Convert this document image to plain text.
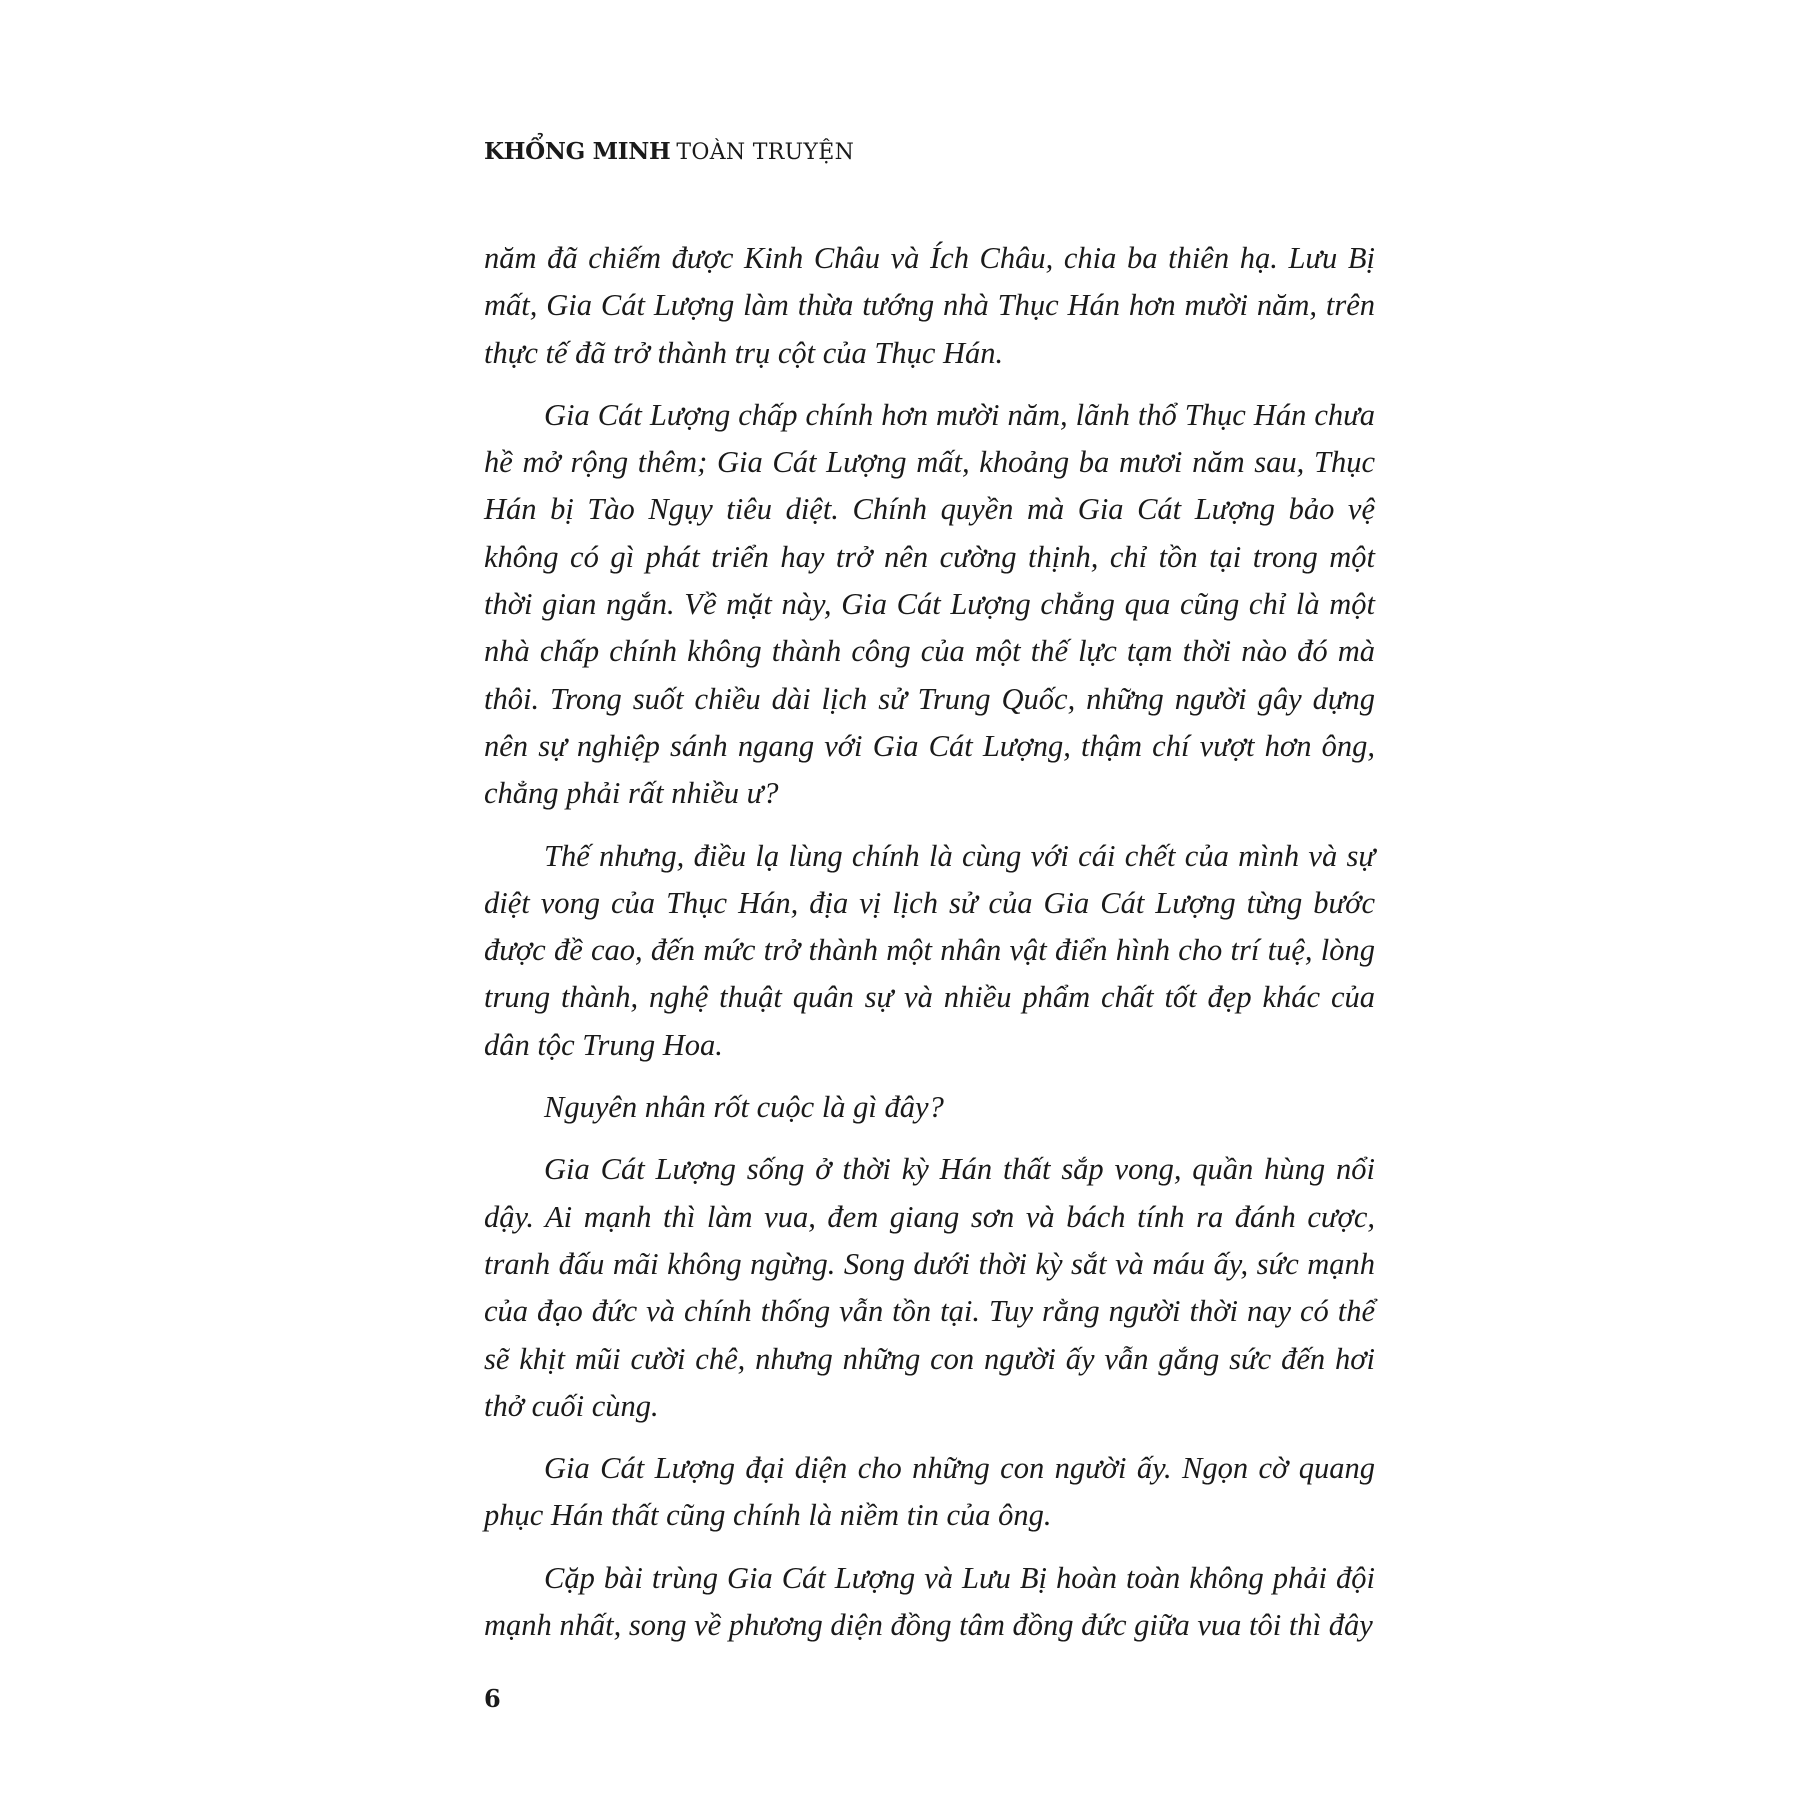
KHỔNG MINH TOÀN TRUYỆN

năm đã chiếm được Kinh Châu và Ích Châu, chia ba thiên hạ. Lưu Bị mất, Gia Cát Lượng làm thừa tướng nhà Thục Hán hơn mười năm, trên thực tế đã trở thành trụ cột của Thục Hán.

Gia Cát Lượng chấp chính hơn mười năm, lãnh thổ Thục Hán chưa hề mở rộng thêm; Gia Cát Lượng mất, khoảng ba mươi năm sau, Thục Hán bị Tào Ngụy tiêu diệt. Chính quyền mà Gia Cát Lượng bảo vệ không có gì phát triển hay trở nên cường thịnh, chỉ tồn tại trong một thời gian ngắn. Về mặt này, Gia Cát Lượng chẳng qua cũng chỉ là một nhà chấp chính không thành công của một thế lực tạm thời nào đó mà thôi. Trong suốt chiều dài lịch sử Trung Quốc, những người gây dựng nên sự nghiệp sánh ngang với Gia Cát Lượng, thậm chí vượt hơn ông, chẳng phải rất nhiều ư?

Thế nhưng, điều lạ lùng chính là cùng với cái chết của mình và sự diệt vong của Thục Hán, địa vị lịch sử của Gia Cát Lượng từng bước được đề cao, đến mức trở thành một nhân vật điển hình cho trí tuệ, lòng trung thành, nghệ thuật quân sự và nhiều phẩm chất tốt đẹp khác của dân tộc Trung Hoa.

Nguyên nhân rốt cuộc là gì đây?

Gia Cát Lượng sống ở thời kỳ Hán thất sắp vong, quần hùng nổi dậy. Ai mạnh thì làm vua, đem giang sơn và bách tính ra đánh cược, tranh đấu mãi không ngừng. Song dưới thời kỳ sắt và máu ấy, sức mạnh của đạo đức và chính thống vẫn tồn tại. Tuy rằng người thời nay có thể sẽ khịt mũi cười chê, nhưng những con người ấy vẫn gắng sức đến hơi thở cuối cùng.

Gia Cát Lượng đại diện cho những con người ấy. Ngọn cờ quang phục Hán thất cũng chính là niềm tin của ông.

Cặp bài trùng Gia Cát Lượng và Lưu Bị hoàn toàn không phải đội mạnh nhất, song về phương diện đồng tâm đồng đức giữa vua tôi thì đây

6
